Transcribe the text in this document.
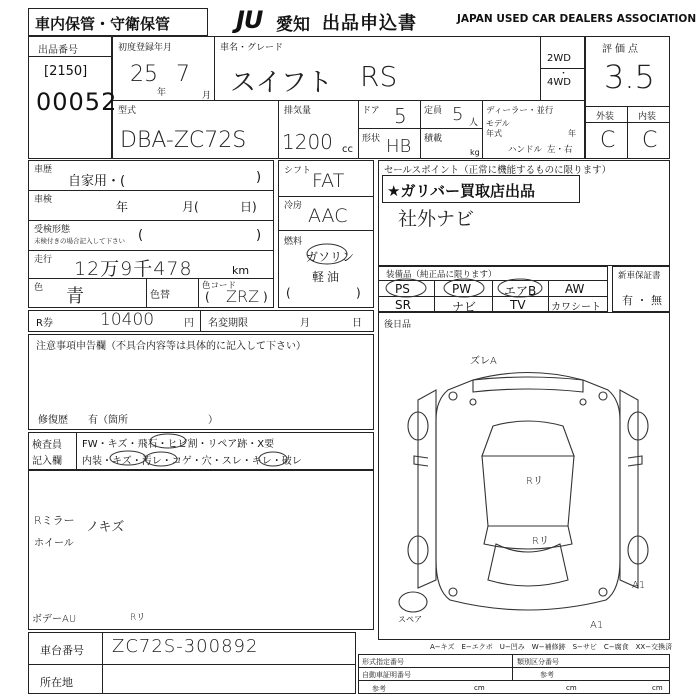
車内保管・守衛保管	JU 愛知 出品申込書	JAPAN USED CAR DEALERS ASSOCIATION
出品番号
[2150]
00052
初度登録年月
25
年
7
月
車名・グレード
スイフト RS
2WD
・
4WD
評価点
3.5
型式
DBA-ZC72S
排気量
1200 cc
ドア 5
形状 HB
定員 5 人
積載
kg
ディーラー・並行
モデル
年式	年
ハンドル 左・右
外装	内装
C C
車歴
自家用・(	)
車検	年	月(	日)
受検形態
未検付きの場合記入して下さい (	)
走行 12万9千478	km
色 青	色替
色コード
ZRZ
(	)
シフト FAT
冷房 AAC
燃料
ガソリン
軽油
(	)
セールスポイント（正常に機能するものに限ります）
★ガリバー買取店出品
社外ナビ
装備品（純正品に限ります）
PS	PW	エアB AW
SR	ナビ	TV	カワシート
新車保証書
有 ・ 無
R券	10400	円 名変期限	月	日 後日品
注意事項申告欄（不具合内容等は具体的に記入して下さい）
修復歴　　有（箇所　　　　　　　　）
検査員
記入欄
FW・キズ・飛石・ヒビ割・リペア跡・X要
内装・キズ・汚レ・コゲ・穴・スレ・キレ・破レ
Rミラー
ホイール
ノキズ
ボデーAU	Rリ
ズレA
Rリ
Rリ
A1
A1
スペア
A−キズ　E−エクボ　U−凹み　W−補修跡　S−サビ　C−腐食　XX−交換済
車台番号 ZC72S-300892
所在地
形式指定番号	類別区分番号
自動車証明番号
参考
参考
cm	cm	cm
